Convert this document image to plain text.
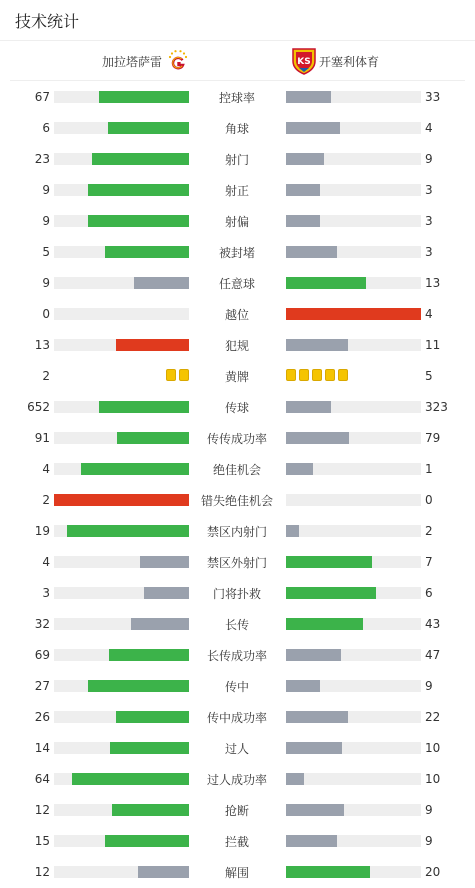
技术统计
加拉塔萨雷	KS 开塞利体育
67	控球率	33
6	角球	4
23	射门	9
9	射正	3
9	射偏	3
5	被封堵	3
9	任意球	13
0	越位	4
13	犯规	11
2	黄牌	5
652	传球	323
91	传传成功率	79
4	绝佳机会	1
2	错失绝佳机会	0
19	禁区内射门	2
4	禁区外射门	7
3	门将扑救	6
32	长传	43
69	长传成功率	47
27	传中	9
26	传中成功率	22
14	过人	10
64	过人成功率	10
12	抢断	9
15	拦截	9
12	解围	20
